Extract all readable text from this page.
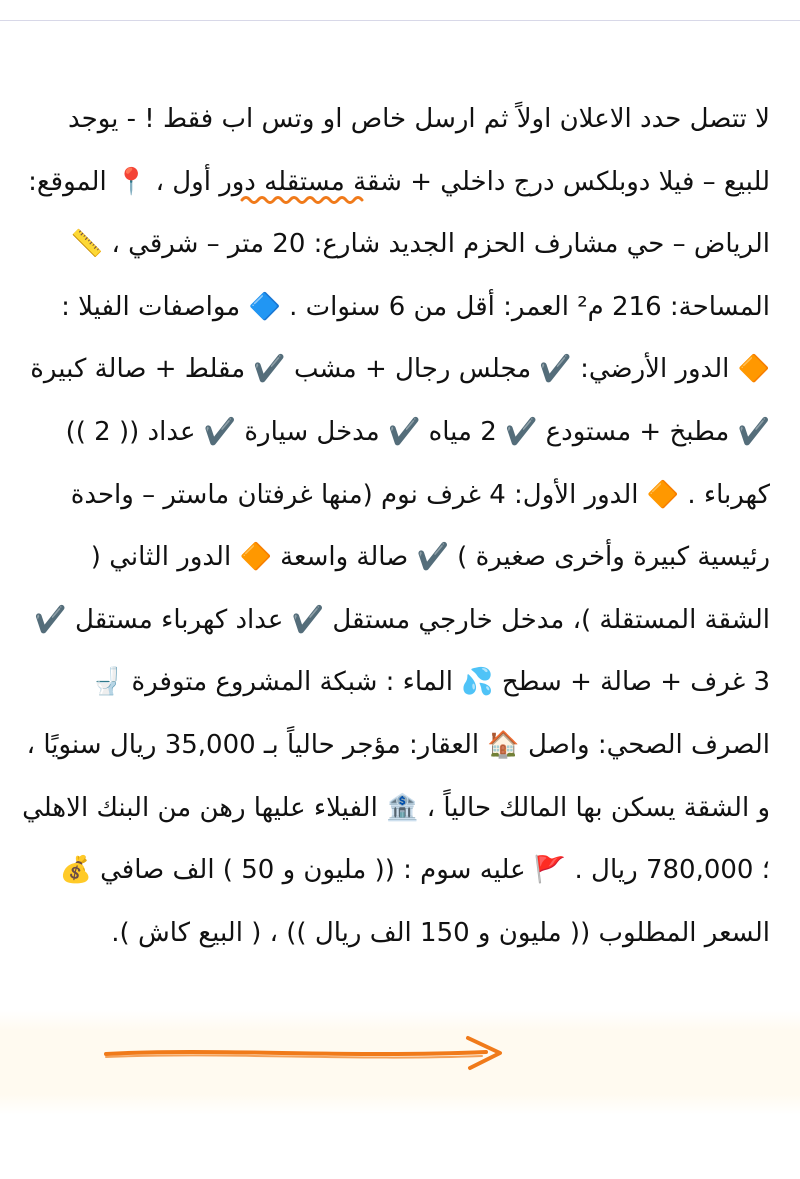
لا تتصل حدد الاعلان اولاً ثم ارسل خاص او وتس اب فقط ! - يوجد للبيع – فيلا دوبلكس درج داخلي + شقة مستقله دور أول ، 📍 الموقع: الرياض – حي مشارف الحزم الجديد شارع: 20 متر – شرقي ، 📏 المساحة: 216 م² العمر: أقل من 6 سنوات . 🔷 مواصفات الفيلا : 🔶 الدور الأرضي: ✔️ مجلس رجال + مشب ✔️ مقلط + صالة كبيرة ✔️ مطبخ + مستودع ✔️ 2 مياه ✔️ مدخل سيارة ✔️ عداد (( 2 )) كهرباء . 🔶 الدور الأول: 4 غرف نوم (منها غرفتان ماستر – واحدة رئيسية كبيرة وأخرى صغيرة ) ✔️ صالة واسعة 🔶 الدور الثاني ( الشقة المستقلة )، مدخل خارجي مستقل ✔️ عداد كهرباء مستقل ✔️ 3 غرف + صالة + سطح 💦 الماء : شبكة المشروع متوفرة 🚽 الصرف الصحي: واصل 🏠 العقار: مؤجر حالياً بـ 35,000 ريال سنويًا ، و الشقة يسكن بها المالك حالياً ، 🏦 الفيلاء عليها رهن من البنك الاهلي ؛ 780,000 ريال . 🚩 عليه سوم : (( مليون و 50 ) الف صافي 💰 السعر المطلوب (( مليون و 150 الف ريال )) ، ( البيع كاش ).
